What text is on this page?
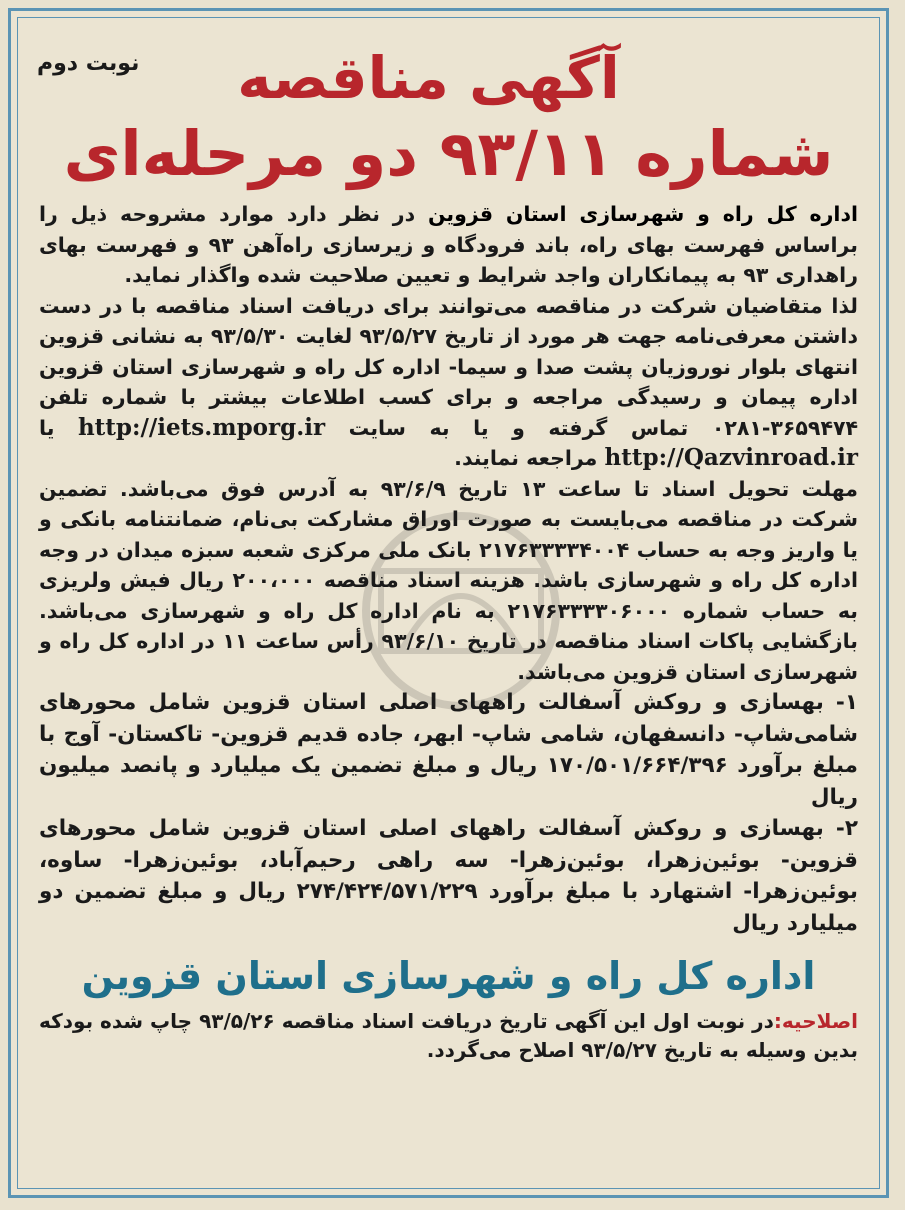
نوبت دوم	آگهی مناقصه
شماره ۹۳/۱۱ دو مرحله‌ای

اداره کل راه و شهرسازی استان قزوین در نظر دارد موارد مشروحه ذیل را براساس فهرست بهای راه، باند فرودگاه و زیرسازی راه‌آهن ۹۳ و فهرست بهای راهداری ۹۳ به پیمانکاران واجد شرایط و تعیین صلاحیت شده واگذار نماید.

لذا متقاضیان شرکت در مناقصه می‌توانند برای دریافت اسناد مناقصه با در دست داشتن معرفی‌نامه جهت هر مورد از تاریخ ۹۳/۵/۲۷ لغایت ۹۳/۵/۳۰ به نشانی قزوین انتهای بلوار نوروزیان پشت صدا و سیما- اداره کل راه و شهرسازی استان قزوین اداره پیمان و رسیدگی مراجعه و برای کسب اطلاعات بیشتر با شماره تلفن ۳۶۵۹۴۷۴-۰۲۸۱ تماس گرفته و یا به سایت http://iets.mporg.ir یا http://Qazvinroad.ir مراجعه نمایند.

مهلت تحویل اسناد تا ساعت ۱۳ تاریخ ۹۳/۶/۹ به آدرس فوق می‌باشد. تضمین شرکت در مناقصه می‌بایست به صورت اوراق مشارکت بی‌نام، ضمانتنامه بانکی و یا واریز وجه به حساب ۲۱۷۶۳۳۳۳۴۰۰۴ بانک ملی مرکزی شعبه سبزه میدان در وجه اداره کل راه و شهرسازی باشد. هزینه اسناد مناقصه ۲۰۰،۰۰۰ ریال فیش ولریزی به حساب شماره ۲۱۷۶۳۳۳۳۰۶۰۰۰ به نام اداره کل راه و شهرسازی می‌باشد. بازگشایی پاکات اسناد مناقصه در تاریخ ۹۳/۶/۱۰ رأس ساعت ۱۱ در اداره کل راه و شهرسازی استان قزوین می‌باشد.

۱- بهسازی و روکش آسفالت راههای اصلی استان قزوین شامل محورهای شامی‌شاپ- دانسفهان، شامی شاپ- ابهر، جاده قدیم قزوین- تاکستان- آوج با مبلغ برآورد ۱۷۰/۵۰۱/۶۶۴/۳۹۶ ریال و مبلغ تضمین یک میلیارد و پانصد میلیون ریال

۲- بهسازی و روکش آسفالت راههای اصلی استان قزوین شامل محورهای قزوین- بوئین‌زهرا، بوئین‌زهرا- سه راهی رحیم‌آباد، بوئین‌زهرا- ساوه، بوئین‌زهرا- اشتهارد با مبلغ برآورد ۲۷۴/۴۲۴/۵۷۱/۲۲۹ ریال و مبلغ تضمین دو میلیارد ریال

اداره کل راه و شهرسازی استان قزوین

اصلاحیه:در نوبت اول این آگهی تاریخ دریافت اسناد مناقصه ۹۳/۵/۲۶ چاپ شده بودکه بدین وسیله به تاریخ ۹۳/۵/۲۷ اصلاح می‌گردد.
